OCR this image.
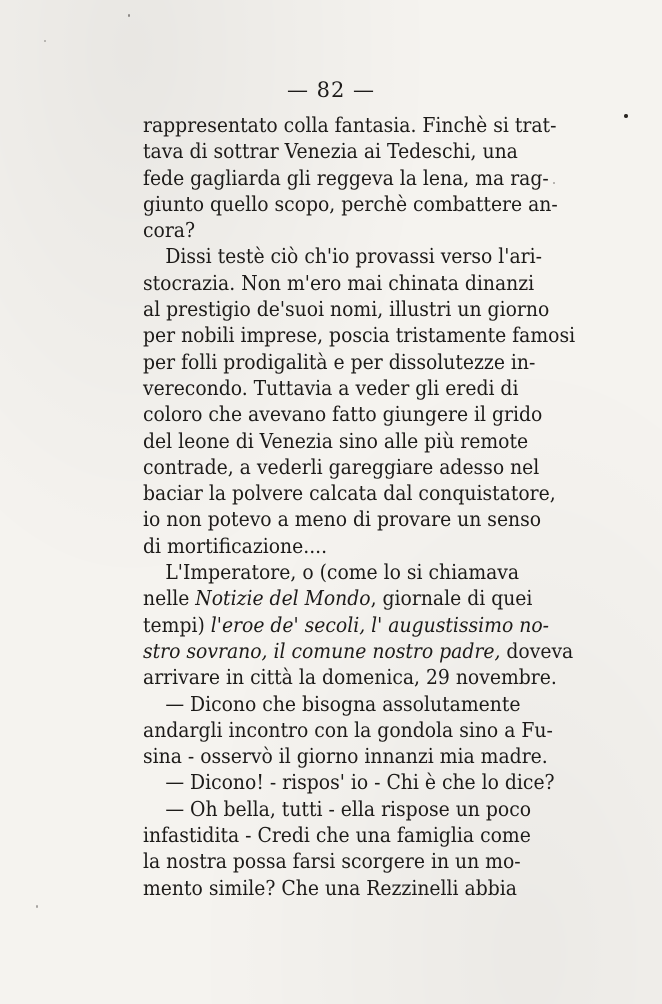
— 82 —
rappresentato colla fantasia. Finchè si trat-
tava di sottrar Venezia ai Tedeschi, una
fede gagliarda gli reggeva la lena, ma rag-
giunto quello scopo, perchè combattere an-
cora?
Dissi testè ciò ch'io provassi verso l'ari-
stocrazia. Non m'ero mai chinata dinanzi
al prestigio de'suoi nomi, illustri un giorno
per nobili imprese, poscia tristamente famosi
per folli prodigalità e per dissolutezze in-
verecondo. Tuttavia a veder gli eredi di
coloro che avevano fatto giungere il grido
del leone di Venezia sino alle più remote
contrade, a vederli gareggiare adesso nel
baciar la polvere calcata dal conquistatore,
io non potevo a meno di provare un senso
di mortificazione....
L'Imperatore, o (come lo si chiamava
nelle Notizie del Mondo, giornale di quei
tempi) l'eroe de' secoli, l' augustissimo no-
stro sovrano, il comune nostro padre, doveva
arrivare in città la domenica, 29 novembre.
— Dicono che bisogna assolutamente
andargli incontro con la gondola sino a Fu-
sina - osservò il giorno innanzi mia madre.
— Dicono! - rispos' io - Chi è che lo dice?
— Oh bella, tutti - ella rispose un poco
infastidita - Credi che una famiglia come
la nostra possa farsi scorgere in un mo-
mento simile? Che una Rezzinelli abbia
